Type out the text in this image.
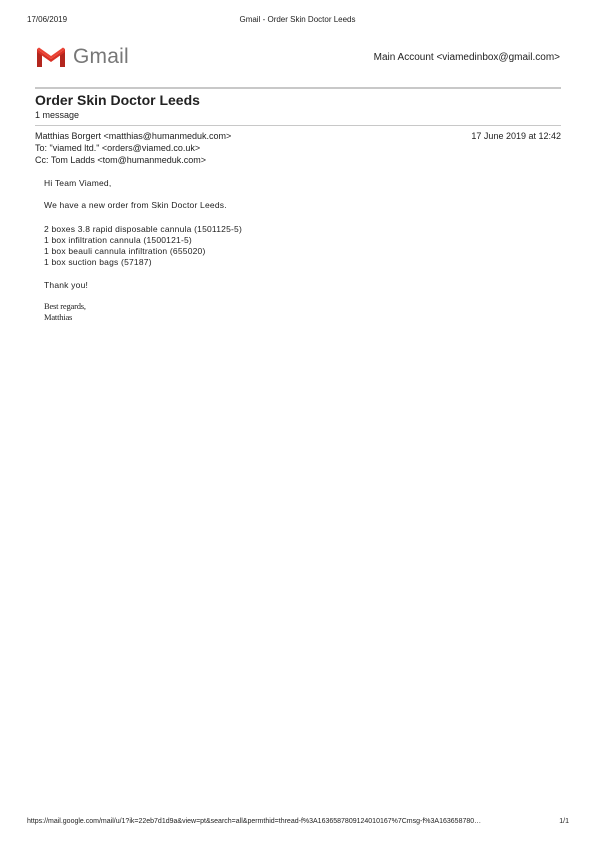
17/06/2019	Gmail - Order Skin Doctor Leeds
Gmail	Main Account <viamedinbox@gmail.com>
Order Skin Doctor Leeds
1 message
Matthias Borgert <matthias@humanmeduk.com>	17 June 2019 at 12:42
To: "viamed ltd." <orders@viamed.co.uk>
Cc: Tom Ladds <tom@humanmeduk.com>
Hi Team Viamed,
We have a new order from Skin Doctor Leeds.
2 boxes 3.8 rapid disposable cannula (1501125-5)
1 box infiltration cannula (1500121-5)
1 box beauli cannula infiltration (655020)
1 box suction bags (57187)
Thank you!
Best regards,
Matthias
https://mail.google.com/mail/u/1?ik=22eb7d1d9a&view=pt&search=all&permthid=thread-f%3A1636587809124010167%7Cmsg-f%3A163658780…	1/1
